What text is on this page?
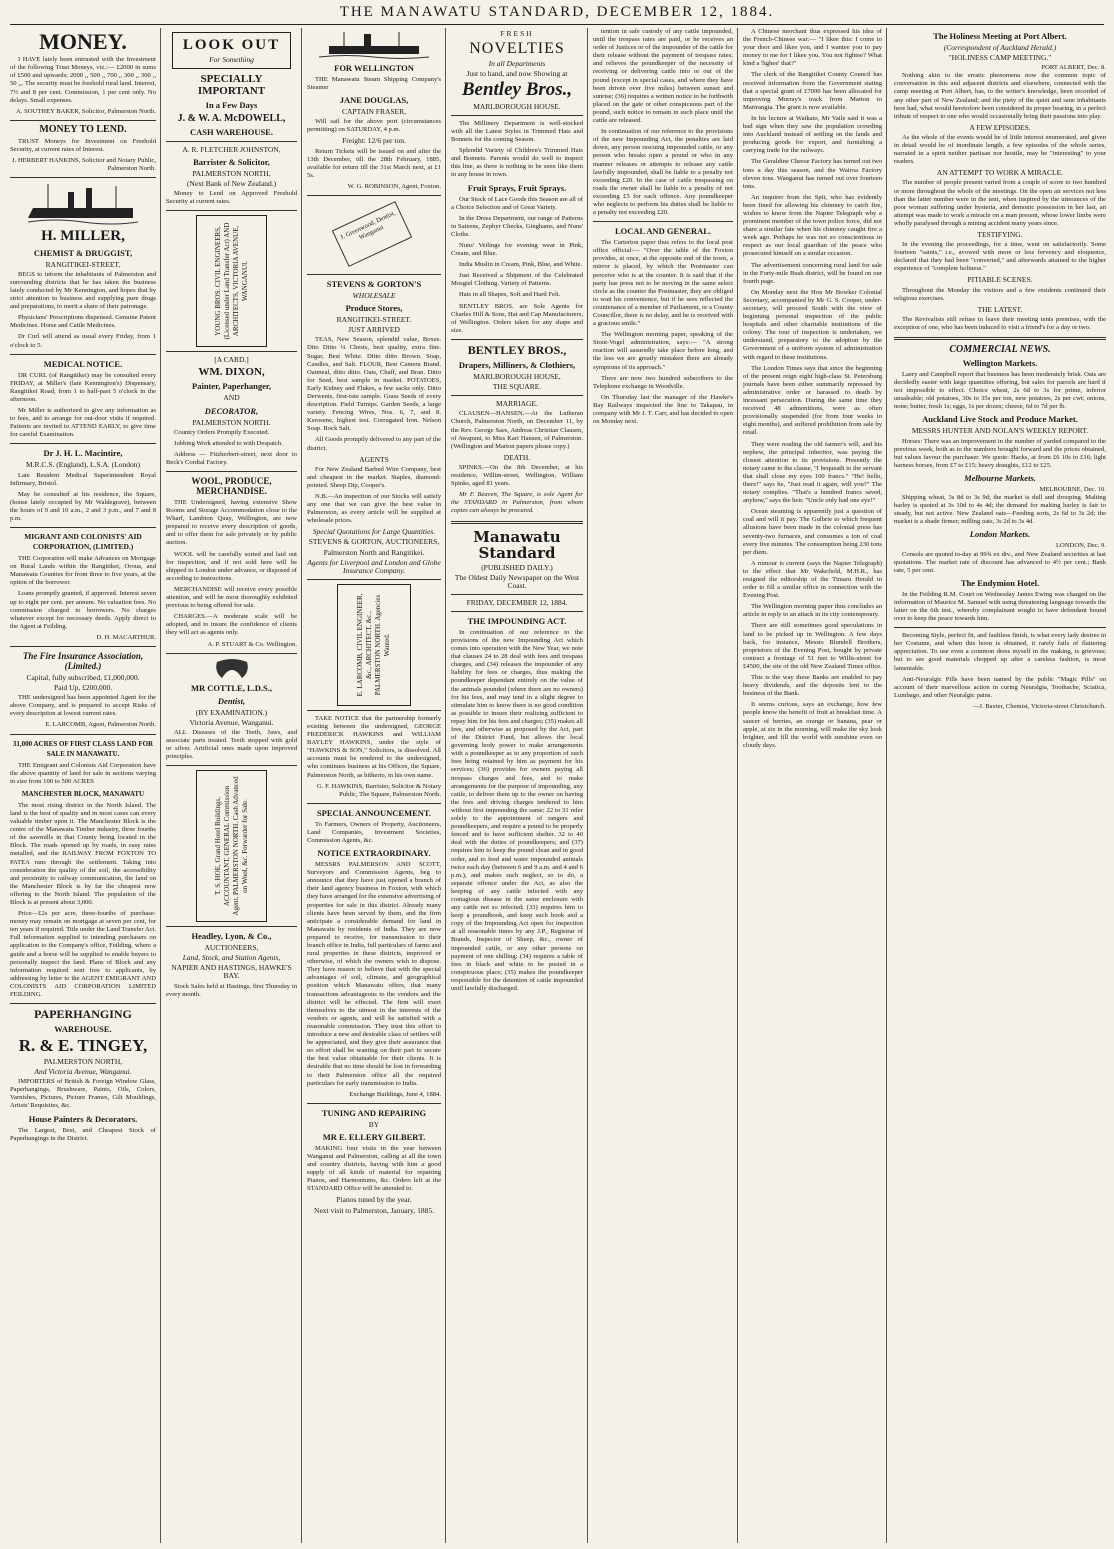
THE MANAWATU STANDARD, DECEMBER 12, 1884.
MONEY.

I HAVE lately been entrusted with the Investment of the following Trust Moneys, viz.:— £2000 in sums of £500 and upwards; 2000 ,, 500 ,, 700 ,, 300 ,, 300 ,, 50 ,,. The security must be freehold rural land. Interest, 7½ and 8 per cent. Commission, 1 per cent only. No delays. Small expenses.

A. SOUTHEY BAKER, Solicitor, Palmerston North.
MONEY TO LEND.

TRUST Moneys for Investment on Freehold Security, at current rates of Interest.

J. HERBERT HANKINS, Solicitor and Notary Public, Palmerston North.
H. MILLER,
CHEMIST & DRUGGIST,
RANGITIKEI-STREET,

BEGS to inform the inhabitants of Palmerston and surrounding districts that he has taken the business lately conducted by Mr Kennington, and hopes that by strict attention to business and supplying pure drugs and preparations, to merit a share of their patronage.

Physicians' Prescriptions dispensed. Genuine Patent Medicines. Horse and Cattle Medicines.

Dr Curl will attend as usual every Friday, from 1 o'clock to 5.

MEDICAL NOTICE.

DR CURL (of Rangitikei) may be consulted every FRIDAY, at Miller's (late Kennington's) Dispensary, Rangitikei Road, from 1 to half-past 5 o'clock in the afternoon.

Mr Miller is authorized to give any information as to fees, and to arrange for out-door visits if required. Patients are invited to ATTEND EARLY, to give time for careful Examination.

Dr J. H. L. Macintire,
M.R.C.S. (England), L.S.A. (London)

Late Resident Medical Superintendent Royal Infirmary, Bristol.

May be consulted at his residence, the Square, (house lately occupied by Mr Waldegrave), between the hours of 9 and 10 a.m., 2 and 3 p.m., and 7 and 8 p.m.

MIGRANT AND COLONISTS' AID CORPORATION, (LIMITED.)

THE Corporation will make Advances on Mortgage on Rural Lands within the Rangitikei, Oroua, and Manawatu Counties for from three to five years, at the option of the borrower.

Loans promptly granted, if approved. Interest seven up to eight per cent. per annum. No valuation fees. No commission charged to borrowers. No charges whatever except for necessary deeds. Apply direct to the Agent at Feilding.

D. H. MACARTHUR.
The Fire Insurance Association, (Limited.)
Capital, fully subscribed, £1,000,000.
Paid Up, £200,000.

THE undersigned has been appointed Agent for the above Company, and is prepared to accept Risks of every description at lowest current rates.

E. LARCOMB, Agent, Palmerston North.
31,000 ACRES OF FIRST CLASS LAND FOR SALE IN MANAWATU.

THE Emigrant and Colonists Aid Corporation have the above quantity of land for sale in sections varying in size from 100 to 500 ACRES

MANCHESTER BLOCK, MANAWATU

The most rising district in the North Island. The land is the best of quality and in most cases can every valuable timber upon it. The Manchester Block is the centre of the Manawatu Timber industry, three fourths of the sawmills in that County being located in the Block. The roads opened up by roads, in easy rates metalled, and the RAILWAY FROM FOXTON TO PATEA runs through the settlement. Taking into consideration the quality of the soil, the accessibility and proximity to railway communication, the land on the Manchester Block is by far the cheapest now offering to the North Island. The population of the Block is at present about 3,000.

Price—£2s per acre, three-fourths of purchase-money may remain on mortgage at seven per cent, for ten years if required. Title under the Land Transfer Act. Full information supplied to intending purchasers on application to the Company's office, Feilding, where a guide and a horse will be supplied to enable buyers to personally inspect the land. Plans of Block and any information required sent free to applicants, by addressing by letter to the AGENT EMIGRANT AND COLONISTS AID CORPORATION LIMITED FEILDING.

PAPERHANGING
WAREHOUSE.
R. & E. TINGEY,
PALMERSTON NORTH,
And Victoria Avenue, Wanganui.

IMPORTERS of British & Foreign Window Glass, Paperhangings, Brushware, Paints, Oils, Colors, Varnishes, Pictures, Picture Frames, Gilt Mouldings, Artists' Requisites, &c.

House Painters & Decorators.

The Largest, Best, and Cheapest Stock of Paperhangings in the District.

LOOK OUT
For Something
SPECIALLY IMPORTANT
In a Few Days
J. & W. A. McDOWELL,
CASH WAREHOUSE.
A. R. FLETCHER JOHNSTON,
Barrister & Solicitor,
PALMERSTON NORTH,
(Next Bank of New Zealand.)

Money to Lend on Approved Freehold Security at current rates.

YOUNG BROS. CIVIL ENGINEERS, (Licensed under Land Transfer Act) AND ARCHITECTS, VICTORIA AVENUE, WANGANUI.
[A CARD.]
WM. DIXON,
Painter, Paperhanger,
AND
DECORATOR,
PALMERSTON NORTH.

Country Orders Promptly Executed.

Jobbing Work attended to with Despatch.

Address — Fitzherbert-street, next door to Beck's Cordial Factory.

WOOL, PRODUCE, MERCHANDISE.

THE Undersigned, having extensive Show Rooms and Storage Accommodation close to the Wharf, Lambton Quay, Wellington, are now prepared to receive every description of goods, and to offer them for sale privately or by public auction.

WOOL will be carefully sorted and laid out for inspection, and if not sold here will be shipped to London under advance, or disposed of according to instructions.

MERCHANDISE will receive every possible attention, and will be most thoroughly exhibited previous to being offered for sale.

CHARGES.—A moderate scale will be adopted, and to insure the confidence of clients they will act as agents only.

A. P. STUART & Co. Wellington.
MR COTTLE, L.D.S.,
Dentist,
(BY EXAMINATION.)
Victoria Avenue, Wanganui.

ALL Diseases of the Teeth, Jaws, and associate parts treated. Teeth stopped with gold or silver. Artificial ones made upon improved principles.

T. S. HOE, Grand Hotel Buildings, ACCOUNTANT, GENERAL Commission Agent, PALMERSTON NORTH. Cash Advanced on Wool, &c. Forwarder for Sale.
Headley, Lyon, & Co.,
AUCTIONEERS,
Land, Stock, and Station Agents,
NAPIER AND HASTINGS, HAWKE'S BAY.

Stock Sales held at Hastings, first Thursday in every month.

FOR WELLINGTON

THE Manawatu Steam Shipping Company's Steamer

JANE DOUGLAS,
CAPTAIN FRASER,

Will sail for the above port (circumstances permitting) on SATURDAY, 4 p.m.

Freight: 12/6 per ton.

Return Tickets will be issued on and after the 13th December, till the 28th February, 1885, available for return till the 31st March next, at £1 5s.

W. G. ROBINSON, Agent, Foxton.
J. Greenwood, Dentist, Wanganui
STEVENS & GORTON'S
WHOLESALE
Produce Stores,
RANGITIKEI-STREET.
JUST ARRIVED

TEAS, New Season, splendid value, Boxes. Dito Ditto ¼ Chests, best quality, extra fine. Sugar, Best White. Ditto ditto Brown. Soap, Candles, and Salt. FLOUR, Best Camera Brand. Oatmeal, ditto ditto. Oats, Chaff, and Bran. Ditto for Seed, best sample in market. POTATOES, Early Kidney and Flukes, a few sacks only. Ditto Derwents, first-rate sample. Grass Seeds of every description. Field Turnips. Garden Seeds, a large variety. Fencing Wires, Nos. 6, 7, and 8. Kerosene, highest test. Corrugated Iron. Nelson Soap. Rock Salt.

All Goods promptly delivered to any part of the district.

AGENTS

For New Zealand Barbed Wire Company, best and cheapest in the market. Staples, diamond-pointed. Sheep Dip, Cooper's.

N.B.—An inspection of our Stocks will satisfy any one that we can give the best value in Palmerston, as every article will be supplied at wholesale prices.

Special Quotations for Large Quantities.
STEVENS & GORTON, AUCTIONEERS,
Palmerston North and Rangitikei.
Agents for Liverpool and London and Globe Insurance Company.
E. LARCOMB, CIVIL ENGINEER, &c., ARCHITECT, &c., PALMERSTON NORTH. Agencies Wanted.

TAKE NOTICE that the partnership formerly existing between the undersigned, GEORGE FREDERICK HAWKINS and WILLIAM BAYLEY HAWKINS, under the style of "HAWKINS & SON," Solicitors, is dissolved. All accounts must be rendered to the undersigned, who continues business at his Offices, the Square, Palmerston North, as hitherto, in his own name.

G. F. HAWKINS, Barrister, Solicitor & Notary Public, The Square, Palmerston North.
SPECIAL ANNOUNCEMENT.

To Farmers, Owners of Property, Auctioneers, Land Companies, Investment Societies, Commission Agents, &c.

NOTICE EXTRAORDINARY.

MESSRS PALMERSON AND SCOTT, Surveyors and Commission Agents, beg to announce that they have just opened a branch of their land agency business in Foxton, with which they have arranged for the extensive advertising of properties for sale in this district. Already many clients have been served by them, and the firm anticipate a considerable demand for land in Manawatu by residents of India. They are now prepared to receive, for transmission to their branch office in India, full particulars of farms and rural properties in these districts, improved or otherwise, of which the owners wish to dispose. They have reason to believe that with the special advantages of soil, climate, and geographical position which Manawatu offers, that many transactions advantageous to the vendors and the district will be effected. The firm will exert themselves to the utmost in the interests of the vendors or agents, and will be satisfied with a reasonable commission. They trust this effort to introduce a new and desirable class of settlers will be appreciated, and they give their assurance that no effort shall be wanting on their part to secure the best value obtainable for their clients. It is desirable that no time should be lost in forwarding to their Palmerston office all the required particulars for early transmission to India.

Exchange Buildings, June 4, 1884.
TUNING AND REPAIRING
BY
MR E. ELLERY GILBERT.

MAKING four visits in the year between Wanganui and Palmerston, calling at all the town and country districts, having with him a good supply of all kinds of material for repairing Pianos, and Harmoniums, &c. Orders left at the STANDARD Office will be attended to.

Pianos tuned by the year.
Next visit to Palmerston, January, 1885.
FRESH
NOVELTIES
In all Departments
Just to hand, and now Showing at
Bentley Bros.,
MARLBOROUGH HOUSE.

The Millinery Department is well-stocked with all the Latest Styles in Trimmed Hats and Bonnets for the coming Season.

Splendid Variety of Children's Trimmed Hats and Bonnets. Parents would do well to inspect this line, as there is nothing to be seen like them in any house in town.

Fruit Sprays, Fruit Sprays.

Our Stock of Lace Goods this Season are all of a Choice Selection and of Great Variety.

In the Dress Department, our range of Patterns in Sateens, Zephyr Checks, Ginghams, and Nuns' Cloths.

Nuns' Veilings for evening wear in Pink, Cream, and Blue.

India Muslin in Cream, Pink, Blue, and White.

Just Received a Shipment of the Celebrated Mosgiel Clothing. Variety of Patterns.

Hats in all Shapes, Soft and Hard Felt.

BENTLEY BROS. are Sole Agents for Charles Hill & Sons, Hat and Cap Manufacturers, of Wellington. Orders taken for any shape and size.

BENTLEY BROS.,
Drapers, Milliners, & Clothiers,
MARLBOROUGH HOUSE,
THE SQUARE.
MARRIAGE.

CLAUSEN—HANSEN.—At the Lutheran Church, Palmerston North, on December 11, by the Rev. George Saes, Andreas Christian Clausen, of Awapuni, to Miss Kari Hansen, of Palmerston. (Wellington and Marton papers please copy.)

DEATH.

SPINKS.—On the 8th December, at his residence, Willim-street, Wellington, William Spinks, aged 81 years.

Mr F. Beaven, The Square, is sole Agent for the STANDARD in Palmerston, from whom copies can always be procured.

Manawatu Standard
(PUBLISHED DAILY.)
The Oldest Daily Newspaper on the West Coast.
FRIDAY, DECEMBER 12, 1884.
THE IMPOUNDING ACT.

In continuation of our reference to the provisions of the new Impounding Act which comes into operation with the New Year, we note that clauses 24 to 28 deal with fees and trespass charges, and (34) releases the impounder of any liability for fees or charges, thus making the poundkeeper dependant entirely on the value of the animals pounded (where there are no owners) for his fees, and may tend in a slight degree to stimulate him to know there is no good condition as possible to insure their realizing sufficient to repay him for his fees and charges; (35) makes all fees, and otherwise as proposed by the Act, part of the District Fund, but allows the local governing body power to make arrangements with a poundkeeper as to any proportion of such fees being retained by him as payment for his services; (36) provides for owners paying all trespass charges and fees, and to make arrangements for the purpose of impounding, any cattle, to deliver them up to the owner on having the fees and driving charges tendered to him without first impounding the same; 22 to 31 refer solely to the appointment of rangers and poundkeepers, and require a pound to be properly fenced and to have sufficient shelter. 32 to 40 deal with the duties of poundkeepers; and (37) requires him to keep the pound clean and in good order, and to feed and water impounded animals twice each day (between 6 and 9 a.m. and 4 and 6 p.m.), and makes such neglect, so to do, a separate offence under the Act, as also the keeping of any cattle infected with any contagious disease in the same enclosure with any cattle not so infected; (33) requires him to keep a poundbook, and keep such book and a copy of the Impounding Act open for inspection at all reasonable times by any J.P., Registrar of Brands, Inspector of Sheep, &c., owner of impounded cattle, or any other persons on payment of one shilling; (34) requires a table of fees in black and white to be posted in a conspicuous place; (35) makes the poundkeeper responsible for the detention of cattle impounded until lawfully discharged.

tention in safe custody of any cattle impounded, until the trespass rates are paid, or he receives an order of Justices or of the impounder of the cattle for their release without the payment of trespass rates; and relieves the poundkeeper of the necessity of receiving or delivering cattle into or out of the pound (except in special cases, and where they have been driven over five miles) between sunset and sunrise; (36) requires a written notice to be forthwith placed on the gate or other conspicuous part of the pound, such notice to remain in such place until the cattle are released.

In continuation of our reference to the provisions of the new Impounding Act, the penalties are laid down, any person rescuing impounded cattle, or any person who breaks open a pound or who in any manner releases or attempts to release any cattle lawfully impounded, shall be liable to a penalty not exceeding £20. In the case of cattle trespassing on roads the owner shall be liable to a penalty of not exceeding £5 for each offence. Any poundkeeper who neglects to perform his duties shall be liable to a penalty not exceeding £20.

LOCAL AND GENERAL.

The Carterton paper thus refers to the local post office official:— "Over the table of the Foxton provides, at once, at the opposite end of the town, a mirror is placed, by which the Postmaster can perceive who is at the counter. It is said that if the party has press not to be moving in the same select circle as the counter the Postmaster, they are obliged to wait his convenience, but if he sees reflected the countenance of a member of Parliament, or a County Councillor, there is no delay, and he is received with a gracious smile."

The Wellington morning paper, speaking of the Stout-Vogel administration, says:— "A strong reaction will assuredly take place before long, and the less we are greatly mistaken there are already symptoms of its approach."

There are now two hundred subscribers to the Telephone exchange in Woodville.

On Thursday last the manager of the Hawke's Bay Railways inspected the line to Takapau, in company with Mr J. T. Carr, and has decided to open on Monday next.

A Chinese merchant thus expressed his idea of the French-Chinese war:— "I likee this: I come to your door and likee you, and I wantee you to pay money to me for I likee you. You not fightee? What kind a 'lighee' that?"

The clerk of the Rangitikei County Council has received information from the Government stating that a special grant of £7000 has been allocated for improving Murray's track from Marton to Marirangia. The grant is now available.

In his lecture at Waikato, Mr Vaile said it was a bad sign when they saw the population crowding into Auckland instead of settling on the lands and producing goods for export, and furnishing a carrying trade for the railways.

The Geraldine Cheese Factory has turned out two tons a day this season, and the Wairoa Factory eleven tons. Wanganui has turned out over fourteen tons.

An inquirer from the Spit, who has evidently been fined for allowing his chimney to catch fire, wishes to know from the Napier Telegraph why a prominent member of the town police force, did not share a similar fate when his chimney caught fire a week ago. Perhaps he was not so conscientious in respect as our local guardian of the peace who prosecuted himself on a similar occasion.

The advertisement concerning rural land for sale in the Forty-mile Bush district, will be found on our fourth page.

On Monday next the Hon Mr Bowker Colonial Secretary, accompanied by Mr G. S. Cooper, under-secretary, will proceed South with the view of beginning personal inspection of the public hospitals and other charitable institutions of the colony. The tour of inspection is undertaken, we understand, preparatory to the adoption by the Government of a uniform system of administration with regard to these institutions.

The London Times says that since the beginning of the present reign eight high-class St. Petersburg journals have been either summarily repressed by administrative order or harassed to death by incessant persecution. During the same time they received 48 admonitions, were as often provisionally suspended (for from four weeks to eight months), and suffered prohibition from sale by retail.

They were reading the old farmer's will, and his nephew, the principal inheritor, was paying the closest attention to its provisions. Presently the notary came to the clause, "I bequeath to the servant that shall close my eyes 100 francs." "He! hello, there!" says he, "Just read it again, will you?" The notary complies. "That's a hundred francs saved, anyhow," says the heir. "Uncle only had one eye!"

Ocean steaming is apparently just a question of coal and will it pay. The Gulbrie to which frequent allusions have been made in the colonial press has seventy-two furnaces, and consumes a ton of coal every five minutes. The consumption being 230 tons per diem.

A rumour is current (says the Napier Telegraph) to the effect that Mr Wakefield, M.H.R., has resigned the editorship of the Timaru Herald in order to fill a similar office in connection with the Evening Post.

The Wellington morning paper thus concludes an article in reply to an attack in its city contemporary.

There are still sometimes good speculations in land to be picked up in Wellington. A few days back, for instance, Messrs Blundell Brothers, proprietors of the Evening Post, bought by private contract a frontage of 51 feet to Willis-street for £4500, the site of the old New Zealand Times office.

This is the way these Banks are enabled to pay heavy dividends, and the deposits lent to the business of the Bank.

It seems curious, says an exchange, how few people know the benefit of fruit at breakfast time. A saucer of berries, an orange or banana, pear or apple, at six in the morning, will make the sky look brighter, and fill the world with sunshine even on cloudy days.

The Holiness Meeting at Port Albert.
(Correspondent of Auckland Herald.)
"HOLINESS CAMP MEETING."
PORT ALBERT, Dec. 8.

Nothing akin to the erratic phenomena now the common topic of conversation in this and adjacent districts and elsewhere, connected with the camp meeting at Port Albert, has, to the writer's knowledge, been recorded of any other part of New Zealand; and the piety of the quiet and sane inhabitants here had, what would heretofore been considered its proper bearing, in a perfect tribute of respect to one who would occasionally bring their passions into play.

A FEW EPISODES.

As the whole of the events would be of little interest enumerated, and given in detail would be of inordinate length, a few episodes of the whole series, narrated in a spirit neither partisan nor hostile, may be "interesting" to your readers.

AN ATTEMPT TO WORK A MIRACLE.

The number of people present varied from a couple of score to two hundred or more throughout the whole of the meetings. On the open air services not less than the latter number were in the tent, when inspired by the utterances of the poor woman suffering under hysteria, and demonic possession in her last, an attempt was made to work a miracle on a man present, whose lower limbs were wholly paralysed through a mining accident many years since.

TESTIFYING.

In the evening the proceedings, for a time, went on satisfactorily. Some fourteen "saints," i.e., avowed with more or less fervency and eloquence, declared that they had been "converted," and afterwards attained to the higher experience of "complete holiness."

PITIABLE SCENES.

Throughout the Monday the visitors and a few residents continued their religious exercises.

THE LATEST.

The Revivalists still refuse to leave their meeting tents premises, with the exception of one, who has been induced to visit a friend's for a day or two.

COMMERCIAL NEWS.
Wellington Markets.

Laery and Campbell report that business has been moderately brisk. Oats are decidedly easier with large quantities offering, but sales for parcels are hard if not impossible to effect. Choice wheat, 2s 6d to 3s for prime, inferior unsaleable; old potatoes, 30s to 35s per ton, new potatoes, 2s per cwt; onions, none; butter, fresh 1s; eggs, 1s per dozen; cheese, 6d to 7d per lb.

Auckland Live Stock and Produce Market.
MESSRS HUNTER AND NOLAN'S WEEKLY REPORT.

Horses: There was an improvement in the number of yarded compared to the previous week, both as to the numbers brought forward and the prices obtained, but values favour the purchaser. We quote: Hacks, at from £6 10s to £16; light harness horses, from £7 to £15; heavy draughts, £12 to £25.

Melbourne Markets.
MELBOURNE, Dec. 10.

Shipping wheat, 3s 8d to 3s 9d; the market is dull and drooping. Malting barley is quoted at 3s 10d to 4s 4d; the demand for malting barley is fair to steady, but not active. New Zealand oats—Feeding sorts, 2s 6d to 3s 2d; the market is a shade firmer; milling oats, 3s 2d to 3s 4d.

London Markets.
LONDON, Dec. 9.

Consols are quoted to-day at 99¾ ex div., and New Zealand securities at last quotations. The market rate of discount has advanced to 4½ per cent.; Bank rate, 5 per cent.

The Endymion Hotel.

In the Feilding R.M. Court on Wednesday James Ewing was charged on the information of Maurice M. Samuel with using threatening language towards the latter on the 6th inst., whereby complainant sought to have defendant bound over to keep the peace towards him.

Becoming Style, perfect fit, and faultless finish, is what every lady desires in her Costume, and when this boon is obtained, it rarely fails of flattering appreciation. To use even a common dress myself in the making, is grievous; but to see good materials chopped up after a careless fashion, is most lamentable.

Anti-Neuralgic Pills have been named by the public "Magic Pills" on account of their marvellous action in curing Neuralgia, Toothache, Sciatica, Lumbago, and other Neuralgic pains.

—J. Baxter, Chemist, Victoria-street Christchurch.
